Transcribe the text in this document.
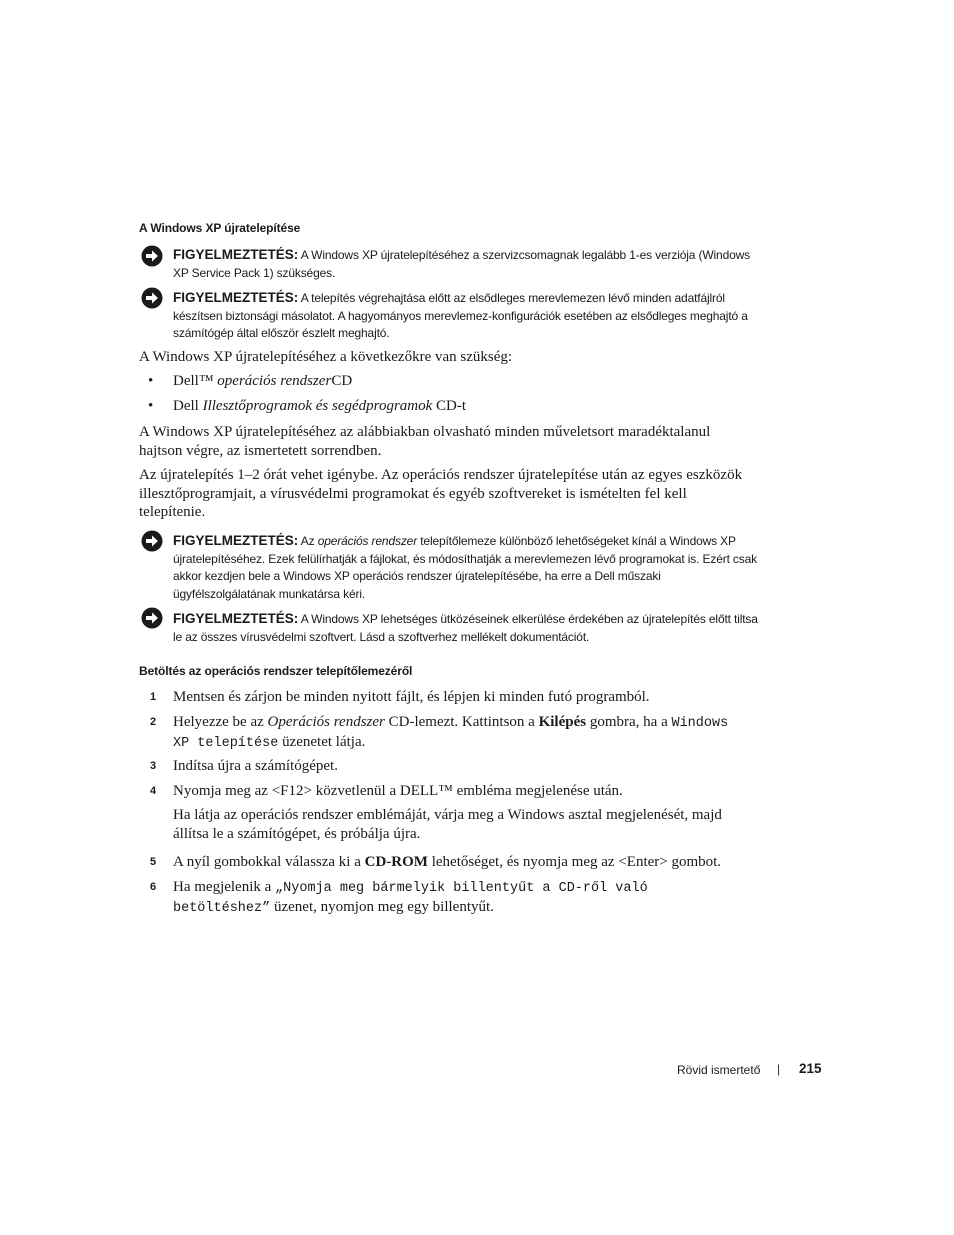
A Windows XP újratelepítése
FIGYELMEZTETÉS: A Windows XP újratelepítéséhez a szervizcsomagnak legalább 1-es verziója (Windows
XP Service Pack 1) szükséges.
FIGYELMEZTETÉS: A telepítés végrehajtása előtt az elsődleges merevlemezen lévő minden adatfájlról
készítsen biztonsági másolatot. A hagyományos merevlemez-konfigurációk esetében az elsődleges meghajtó a
számítógép által először észlelt meghajtó.
A Windows XP újratelepítéséhez a következőkre van szükség:
• Dell™ operációs rendszerCD
• Dell Illesztőprogramok és segédprogramok CD-t
A Windows XP újratelepítéséhez az alábbiakban olvasható minden műveletsort maradéktalanul
hajtson végre, az ismertetett sorrendben.
Az újratelepítés 1–2 órát vehet igénybe. Az operációs rendszer újratelepítése után az egyes eszközök
illesztőprogramjait, a vírusvédelmi programokat és egyéb szoftvereket is ismételten fel kell
telepítenie.
FIGYELMEZTETÉS: Az operációs rendszer telepítőlemeze különböző lehetőségeket kínál a Windows XP
újratelepítéséhez. Ezek felülírhatják a fájlokat, és módosíthatják a merevlemezen lévő programokat is. Ezért csak
akkor kezdjen bele a Windows XP operációs rendszer újratelepítésébe, ha erre a Dell műszaki
ügyfélszolgálatának munkatársa kéri.
FIGYELMEZTETÉS: A Windows XP lehetséges ütközéseinek elkerülése érdekében az újratelepítés előtt tiltsa
le az összes vírusvédelmi szoftvert. Lásd a szoftverhez mellékelt dokumentációt.
Betöltés az operációs rendszer telepítőlemezéről
1 Mentsen és zárjon be minden nyitott fájlt, és lépjen ki minden futó programból.
2 Helyezze be az Operációs rendszer CD-lemezt. Kattintson a Kilépés gombra, ha a Windows
XP telepítése üzenetet látja.
3 Indítsa újra a számítógépet.
4 Nyomja meg az <F12> közvetlenül a DELL™ embléma megjelenése után.
Ha látja az operációs rendszer emblémáját, várja meg a Windows asztal megjelenését, majd
állítsa le a számítógépet, és próbálja újra.
5 A nyíl gombokkal válassza ki a CD-ROM lehetőséget, és nyomja meg az <Enter> gombot.
6 Ha megjelenik a „Nyomja meg bármelyik billentyűt a CD-ről való
betöltéshez” üzenet, nyomjon meg egy billentyűt.
Rövid ismertető | 215
